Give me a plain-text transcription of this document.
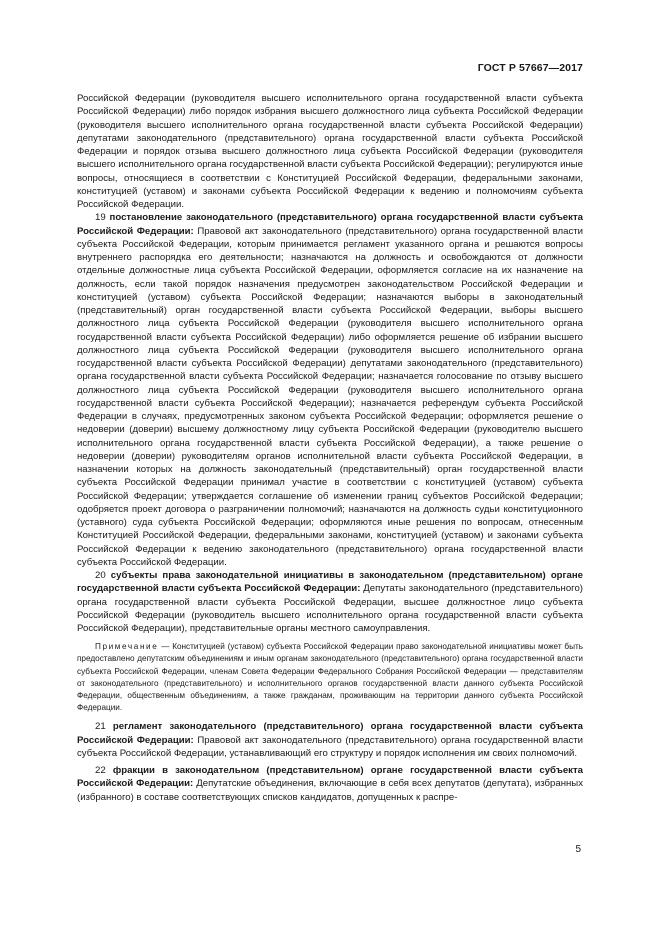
ГОСТ Р 57667—2017

Российской Федерации (руководителя высшего исполнительного органа государственной власти субъекта Российской Федерации) либо порядок избрания высшего должностного лица субъекта Российской Федерации (руководителя высшего исполнительного органа государственной власти субъекта Российской Федерации) депутатами законодательного (представительного) органа государственной власти субъекта Российской Федерации и порядок отзыва высшего должностного лица субъекта Российской Федерации (руководителя высшего исполнительного органа государственной власти субъекта Российской Федерации); регулируются иные вопросы, относящиеся в соответствии с Конституцией Российской Федерации, федеральными законами, конституцией (уставом) и законами субъекта Российской Федерации к ведению и полномочиям субъекта Российской Федерации.

19 постановление законодательного (представительного) органа государственной власти субъекта Российской Федерации: Правовой акт законодательного (представительного) органа государственной власти субъекта Российской Федерации, которым принимается регламент указанного органа и решаются вопросы внутреннего распорядка его деятельности; назначаются на должность и освобождаются от должности отдельные должностные лица субъекта Российской Федерации, оформляется согласие на их назначение на должность, если такой порядок назначения предусмотрен законодательством Российской Федерации и конституцией (уставом) субъекта Российской Федерации; назначаются выборы в законодательный (представительный) орган государственной власти субъекта Российской Федерации, выборы высшего должностного лица субъекта Российской Федерации (руководителя высшего исполнительного органа государственной власти субъекта Российской Федерации) либо оформляется решение об избрании высшего должностного лица субъекта Российской Федерации (руководителя высшего исполнительного органа государственной власти субъекта Российской Федерации) депутатами законодательного (представительного) органа государственной власти субъекта Российской Федерации; назначается голосование по отзыву высшего должностного лица субъекта Российской Федерации (руководителя высшего исполнительного органа государственной власти субъекта Российской Федерации); назначается референдум субъекта Российской Федерации в случаях, предусмотренных законом субъекта Российской Федерации; оформляется решение о недоверии (доверии) высшему должностному лицу субъекта Российской Федерации (руководителю высшего исполнительного органа государственной власти субъекта Российской Федерации), а также решение о недоверии (доверии) руководителям органов исполнительной власти субъекта Российской Федерации, в назначении которых на должность законодательный (представительный) орган государственной власти субъекта Российской Федерации принимал участие в соответствии с конституцией (уставом) субъекта Российской Федерации; утверждается соглашение об изменении границ субъектов Российской Федерации; одобряется проект договора о разграничении полномочий; назначаются на должность судьи конституционного (уставного) суда субъекта Российской Федерации; оформляются иные решения по вопросам, отнесенным Конституцией Российской Федерации, федеральными законами, конституцией (уставом) и законами субъекта Российской Федерации к ведению законодательного (представительного) органа государственной власти субъекта Российской Федерации.

20 субъекты права законодательной инициативы в законодательном (представительном) органе государственной власти субъекта Российской Федерации: Депутаты законодательного (представительного) органа государственной власти субъекта Российской Федерации, высшее должностное лицо субъекта Российской Федерации (руководитель высшего исполнительного органа государственной власти субъекта Российской Федерации), представительные органы местного самоуправления.

Примечание — Конституцией (уставом) субъекта Российской Федерации право законодательной инициативы может быть предоставлено депутатским объединениям и иным органам законодательного (представительного) органа государственной власти субъекта Российской Федерации, членам Совета Федерации Федерального Собрания Российской Федерации — представителям от законодательного (представительного) и исполнительного органов государственной власти данного субъекта Российской Федерации, общественным объединениям, а также гражданам, проживающим на территории данного субъекта Российской Федерации.

21 регламент законодательного (представительного) органа государственной власти субъекта Российской Федерации: Правовой акт законодательного (представительного) органа государственной власти субъекта Российской Федерации, устанавливающий его структуру и порядок исполнения им своих полномочий.

22 фракции в законодательном (представительном) органе государственной власти субъекта Российской Федерации: Депутатские объединения, включающие в себя всех депутатов (депутата), избранных (избранного) в составе соответствующих списков кандидатов, допущенных к распре-

5
